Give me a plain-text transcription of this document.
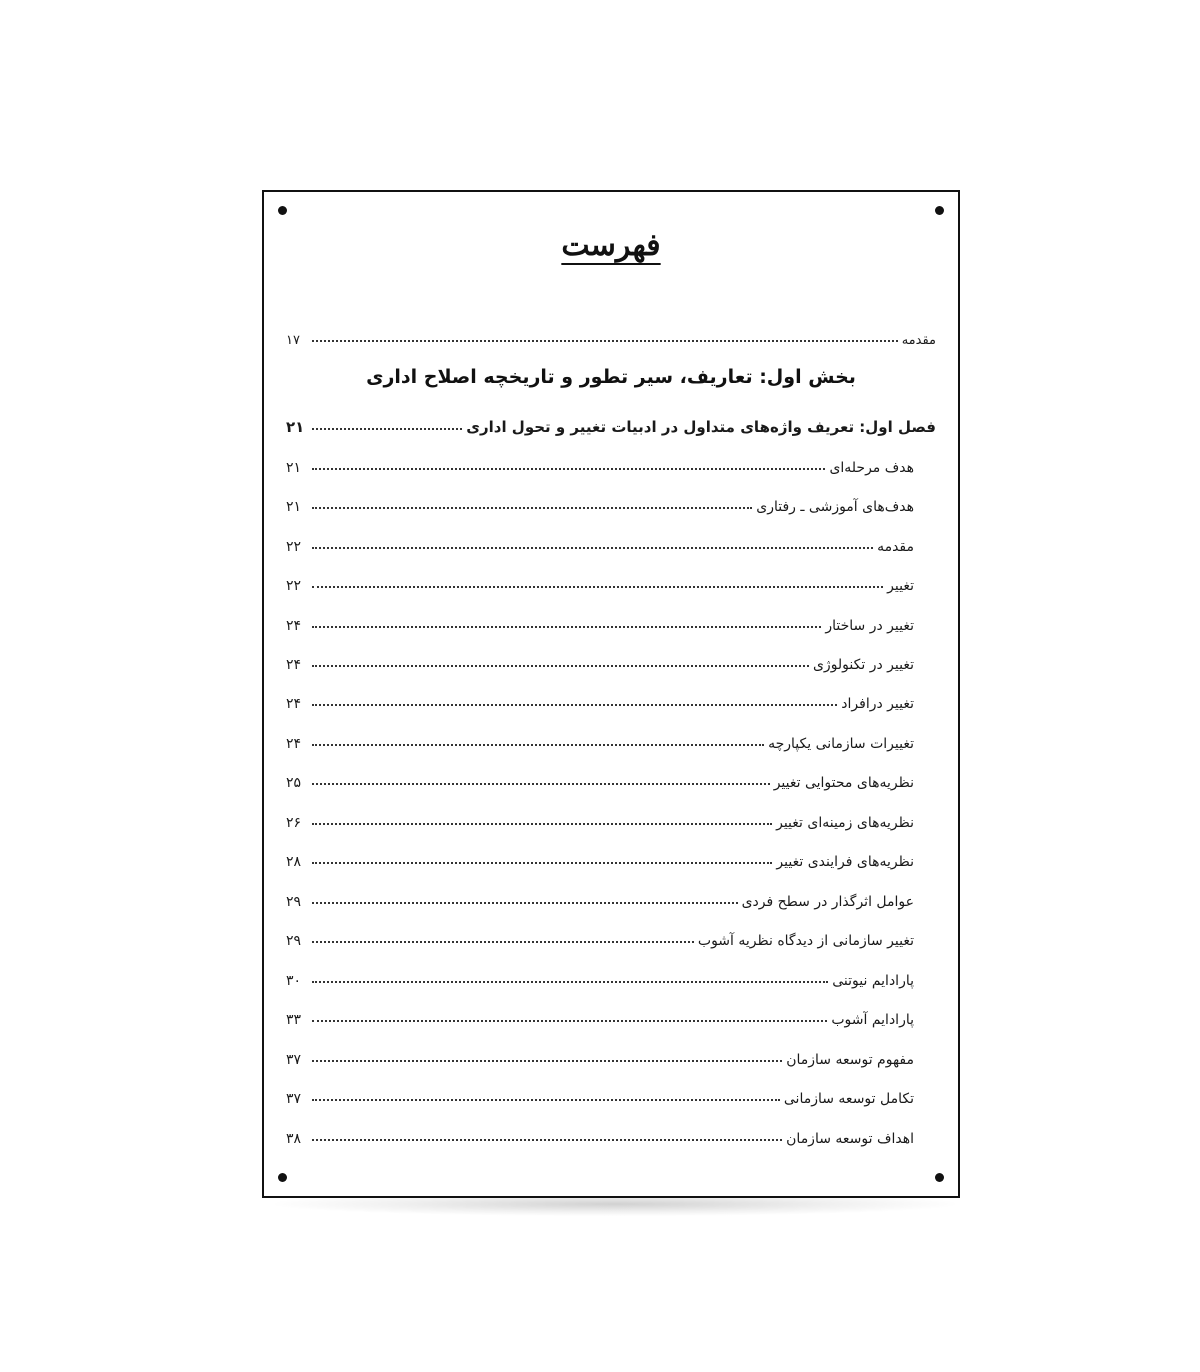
فهرست
مقدمه
۱۷
بخش اول: تعاریف، سیر تطور و تاریخچه اصلاح اداری
فصل اول: تعریف واژه‌های متداول در ادبیات تغییر و تحول اداری
۲۱
هدف مرحله‌ای
۲۱
هدف‌های آموزشی ـ رفتاری
۲۱
مقدمه
۲۲
تغییر
۲۲
تغییر در ساختار
۲۴
تغییر در تکنولوژی
۲۴
تغییر درافراد
۲۴
تغییرات سازمانی یکپارچه
۲۴
نظریه‌های محتوایی تغییر
۲۵
نظریه‌های زمینه‌ای تغییر
۲۶
نظریه‌های فرایندی تغییر
۲۸
عوامل اثرگذار در سطح فردی
۲۹
تغییر سازمانی از دیدگاه نظریه آشوب
۲۹
پارادایم نیوتنی
۳۰
پارادایم آشوب
۳۳
مفهوم توسعه سازمان
۳۷
تکامل توسعه سازمانی
۳۷
اهداف توسعه سازمان
۳۸
